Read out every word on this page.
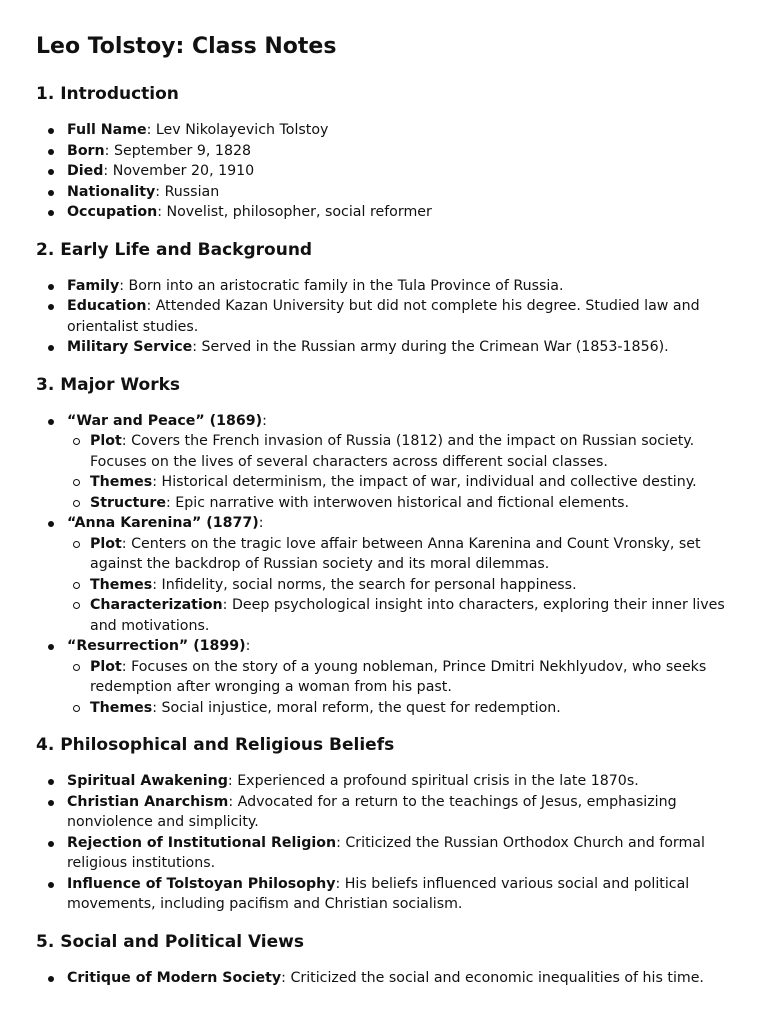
Leo Tolstoy: Class Notes
1. Introduction
Full Name: Lev Nikolayevich Tolstoy
Born: September 9, 1828
Died: November 20, 1910
Nationality: Russian
Occupation: Novelist, philosopher, social reformer
2. Early Life and Background
Family: Born into an aristocratic family in the Tula Province of Russia.
Education: Attended Kazan University but did not complete his degree. Studied law and orientalist studies.
Military Service: Served in the Russian army during the Crimean War (1853-1856).
3. Major Works
“War and Peace” (1869):
Plot: Covers the French invasion of Russia (1812) and the impact on Russian society. Focuses on the lives of several characters across different social classes.
Themes: Historical determinism, the impact of war, individual and collective destiny.
Structure: Epic narrative with interwoven historical and fictional elements.
“Anna Karenina” (1877):
Plot: Centers on the tragic love affair between Anna Karenina and Count Vronsky, set against the backdrop of Russian society and its moral dilemmas.
Themes: Infidelity, social norms, the search for personal happiness.
Characterization: Deep psychological insight into characters, exploring their inner lives and motivations.
“Resurrection” (1899):
Plot: Focuses on the story of a young nobleman, Prince Dmitri Nekhlyudov, who seeks redemption after wronging a woman from his past.
Themes: Social injustice, moral reform, the quest for redemption.
4. Philosophical and Religious Beliefs
Spiritual Awakening: Experienced a profound spiritual crisis in the late 1870s.
Christian Anarchism: Advocated for a return to the teachings of Jesus, emphasizing nonviolence and simplicity.
Rejection of Institutional Religion: Criticized the Russian Orthodox Church and formal religious institutions.
Influence of Tolstoyan Philosophy: His beliefs influenced various social and political movements, including pacifism and Christian socialism.
5. Social and Political Views
Critique of Modern Society: Criticized the social and economic inequalities of his time.
